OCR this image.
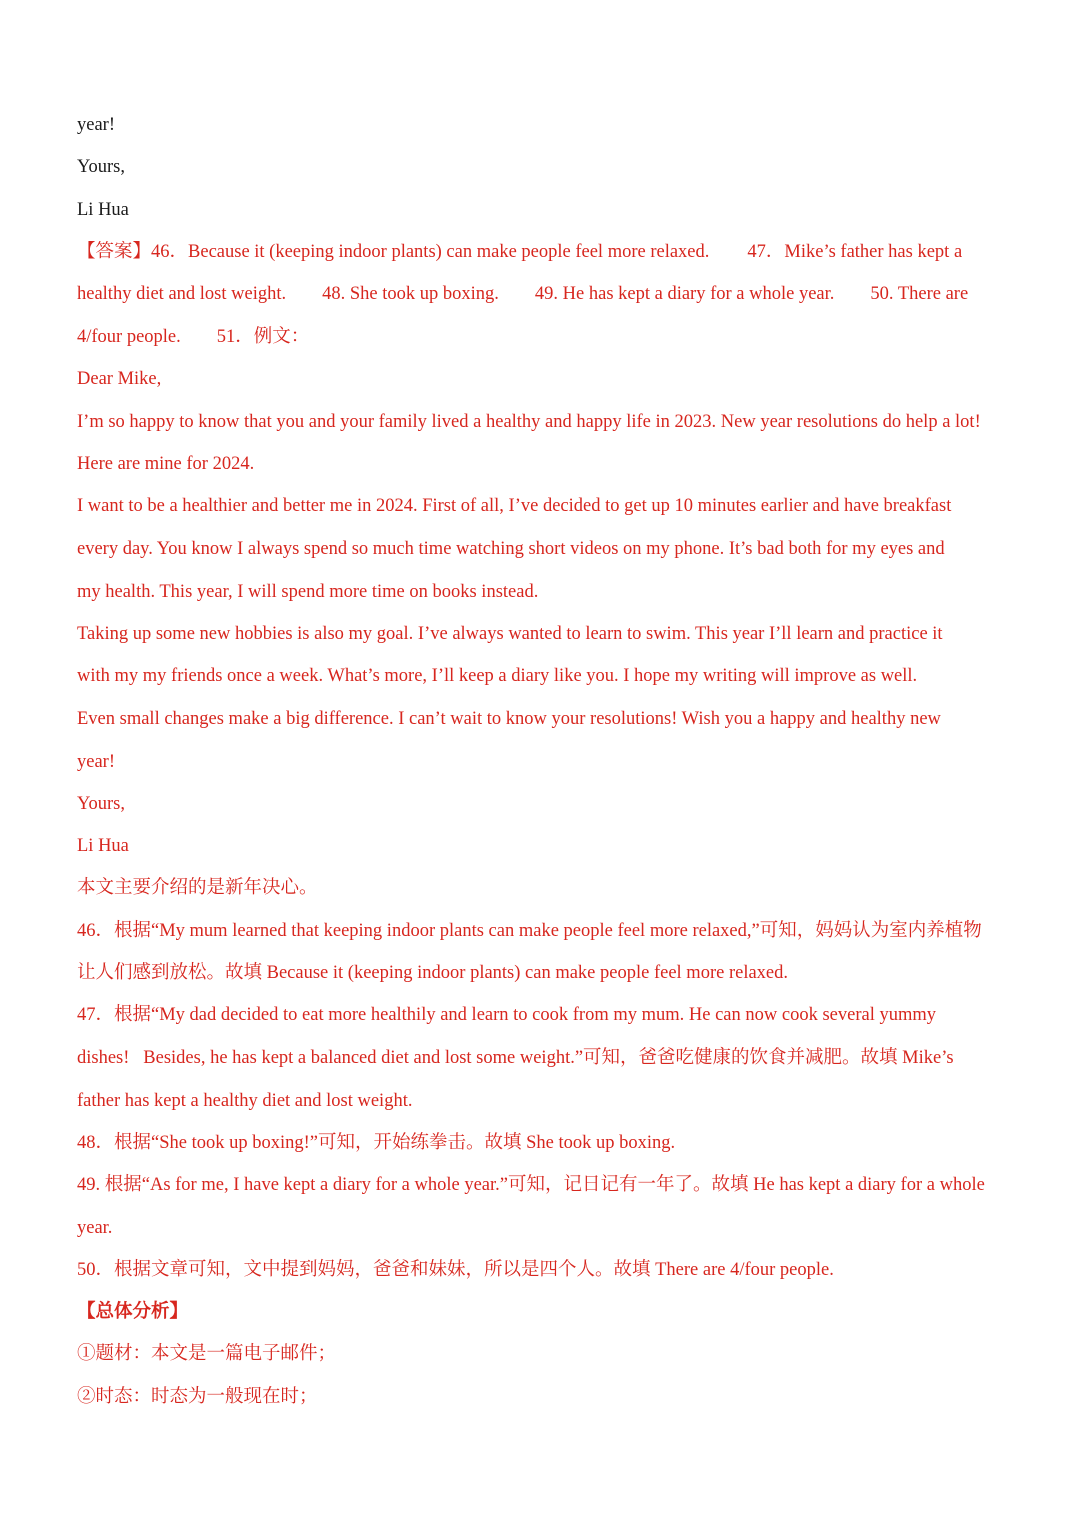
year!
Yours,
Li Hua
【答案】46．Because it (keeping indoor plants) can make people feel more relaxed. 47．Mike’s father has kept a
healthy diet and lost weight. 48. She took up boxing. 49. He has kept a diary for a whole year. 50. There are
4/four people. 51．例文：
Dear Mike,
I’m so happy to know that you and your family lived a healthy and happy life in 2023. New year resolutions do help a lot!
Here are mine for 2024.
I want to be a healthier and better me in 2024. First of all, I’ve decided to get up 10 minutes earlier and have breakfast
every day. You know I always spend so much time watching short videos on my phone. It’s bad both for my eyes and
my health. This year, I will spend more time on books instead.
Taking up some new hobbies is also my goal. I’ve always wanted to learn to swim. This year I’ll learn and practice it
with my my friends once a week. What’s more, I’ll keep a diary like you. I hope my writing will improve as well.
Even small changes make a big difference. I can’t wait to know your resolutions! Wish you a happy and healthy new
year!
Yours,
Li Hua
本文主要介绍的是新年决心。
46．根据“My mum learned that keeping indoor plants can make people feel more relaxed,”可知，妈妈认为室内养植物
让人们感到放松。故填 Because it (keeping indoor plants) can make people feel more relaxed.
47．根据“My dad decided to eat more healthily and learn to cook from my mum. He can now cook several yummy
dishes!   Besides, he has kept a balanced diet and lost some weight.”可知，爸爸吃健康的饮食并减肥。故填 Mike’s
father has kept a healthy diet and lost weight.
48．根据“She took up boxing!”可知，开始练拳击。故填 She took up boxing.
49. 根据“As for me, I have kept a diary for a whole year.”可知，记日记有一年了。故填 He has kept a diary for a whole
year.
50．根据文章可知，文中提到妈妈，爸爸和妹妹，所以是四个人。故填 There are 4/four people.
【总体分析】
①题材：本文是一篇电子邮件；
②时态：时态为一般现在时；
